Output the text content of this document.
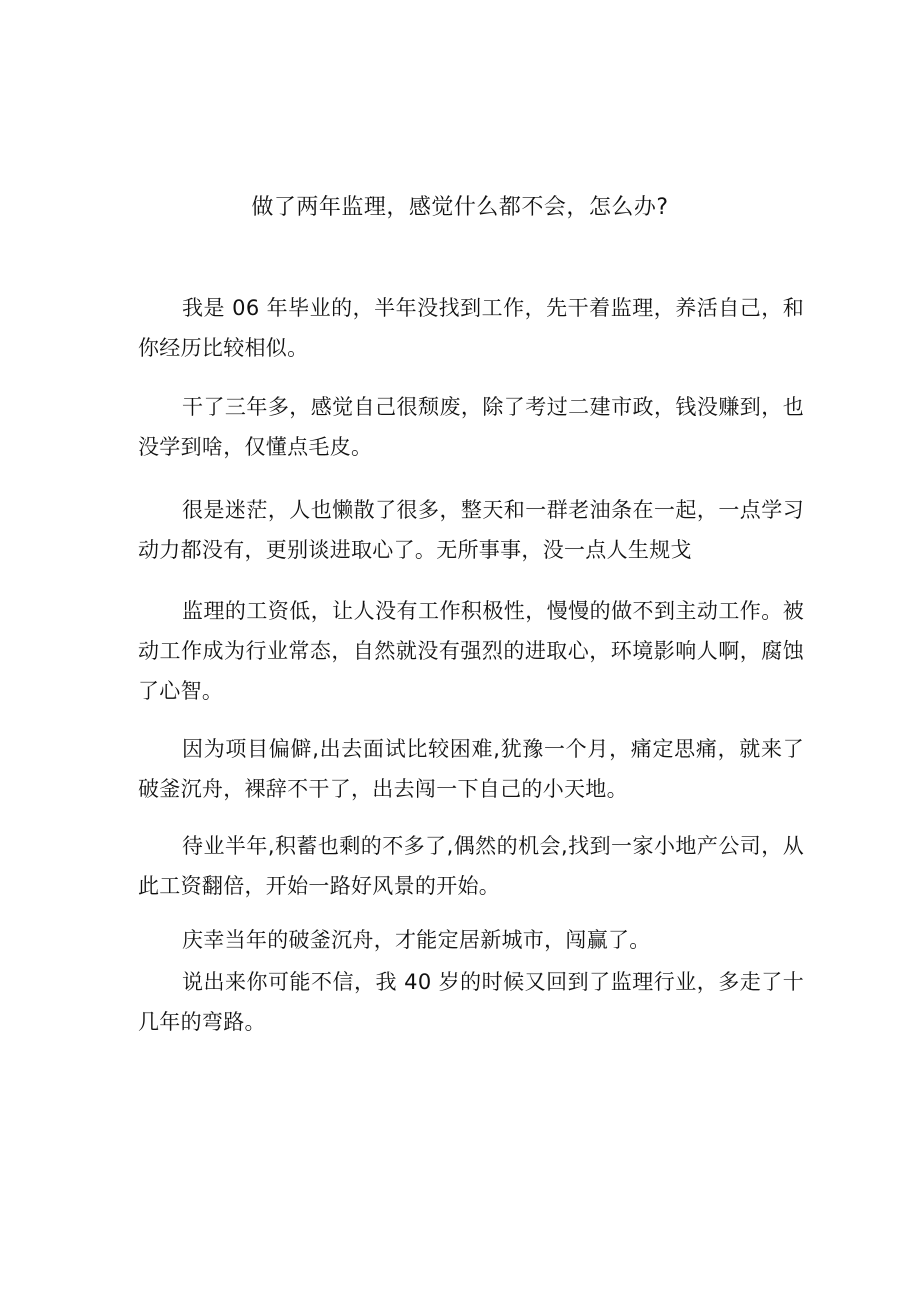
做了两年监理，感觉什么都不会，怎么办?

我是 06 年毕业的，半年没找到工作，先干着监理，养活自己，和你经历比较相似。

干了三年多，感觉自己很颓废，除了考过二建市政，钱没赚到，也没学到啥，仅懂点毛皮。

很是迷茫，人也懒散了很多，整天和一群老油条在一起，一点学习动力都没有，更别谈进取心了。无所事事，没一点人生规戈

监理的工资低，让人没有工作积极性，慢慢的做不到主动工作。被动工作成为行业常态，自然就没有强烈的进取心，环境影响人啊，腐蚀了心智。

因为项目偏僻,出去面试比较困难,犹豫一个月，痛定思痛，就来了破釜沉舟，裸辞不干了，出去闯一下自己的小天地。

待业半年,积蓄也剩的不多了,偶然的机会,找到一家小地产公司，从此工资翻倍，开始一路好风景的开始。

庆幸当年的破釜沉舟，才能定居新城市，闯赢了。

说出来你可能不信，我 40 岁的时候又回到了监理行业，多走了十几年的弯路。
